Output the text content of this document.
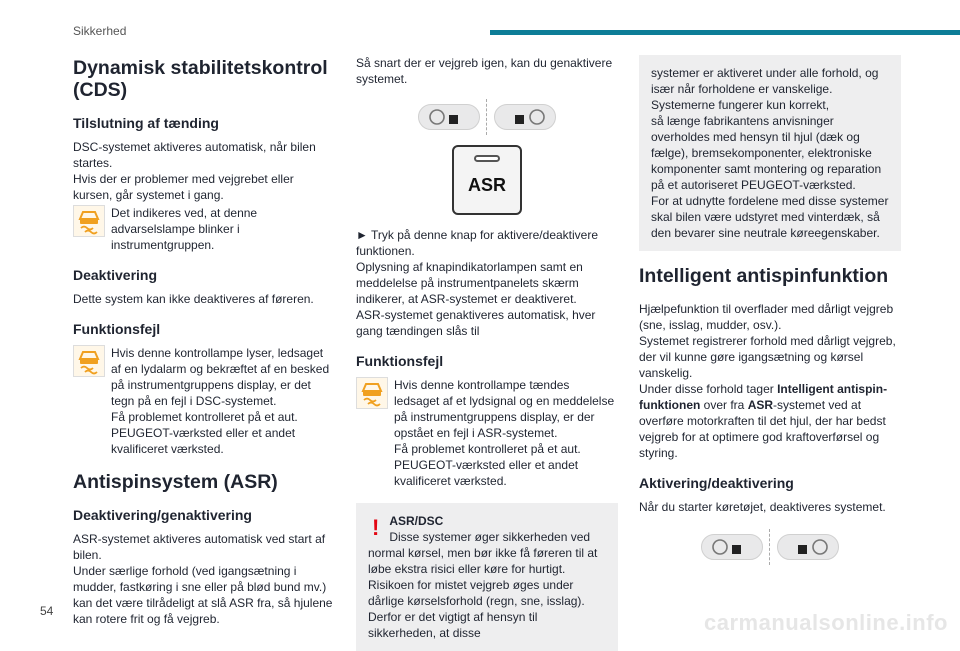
Sikkerhed
Dynamisk stabilitetskontrol (CDS)
Tilslutning af tænding

DSC-systemet aktiveres automatisk, når bilen startes.
Hvis der er problemer med vejgrebet eller kursen, går systemet i gang.

Det indikeres ved, at denne advarselslampe blinker i instrumentgruppen.

Deaktivering

Dette system kan ikke deaktiveres af føreren.

Funktionsfejl

Hvis denne kontrollampe lyser, ledsaget af en lydalarm og bekræftet af en besked på instrumentgruppens display, er det tegn på en fejl i DSC-systemet.
Få problemet kontrolleret på et aut. PEUGEOT-værksted eller et andet kvalificeret værksted.

Antispinsystem (ASR)
Deaktivering/genaktivering

ASR-systemet aktiveres automatisk ved start af bilen.
Under særlige forhold (ved igangsætning i mudder, fastkøring i sne eller på blød bund mv.) kan det være tilrådeligt at slå ASR fra, så hjulene kan rotere frit og få vejgreb.

Så snart der er vejgreb igen, kan du genaktivere systemet.

ASR

► Tryk på denne knap for aktivere/deaktivere funktionen.
Oplysning af knapindikatorlampen samt en meddelelse på instrumentpanelets skærm indikerer, at ASR-systemet er deaktiveret.
ASR-systemet genaktiveres automatisk, hver gang tændingen slås til

Funktionsfejl

Hvis denne kontrollampe tændes ledsaget af et lydsignal og en meddelelse på instrumentgruppens display, er der opstået en fejl i ASR-systemet.
Få problemet kontrolleret på et aut. PEUGEOT-værksted eller et andet kvalificeret værksted.

! ASR/DSC
Disse systemer øger sikkerheden ved normal kørsel, men bør ikke få føreren til at løbe ekstra risici eller køre for hurtigt.
Risikoen for mistet vejgreb øges under dårlige kørselsforhold (regn, sne, isslag). Derfor er det vigtigt af hensyn til sikkerheden, at disse
systemer er aktiveret under alle forhold, og især når forholdene er vanskelige.
Systemerne fungerer kun korrekt,
så længe fabrikantens anvisninger overholdes med hensyn til hjul (dæk og fælge), bremsekomponenter, elektroniske komponenter samt montering og reparation på et autoriseret PEUGEOT-værksted.
For at udnytte fordelene med disse systemer skal bilen være udstyret med vinterdæk, så den bevarer sine neutrale køreegenskaber.
Intelligent antispinfunktion

Hjælpefunktion til overflader med dårligt vejgreb (sne, isslag, mudder, osv.).
Systemet registrerer forhold med dårligt vejgreb, der vil kunne gøre igangsætning og kørsel vanskelig.

Under disse forhold tager Intelligent antispin-funktionen over fra ASR-systemet ved at overføre motorkraften til det hjul, der har bedst vejgreb for at optimere god kraftoverførsel og styring.

Aktivering/deaktivering

Når du starter køretøjet, deaktiveres systemet.

54	carmanualsonline.info
